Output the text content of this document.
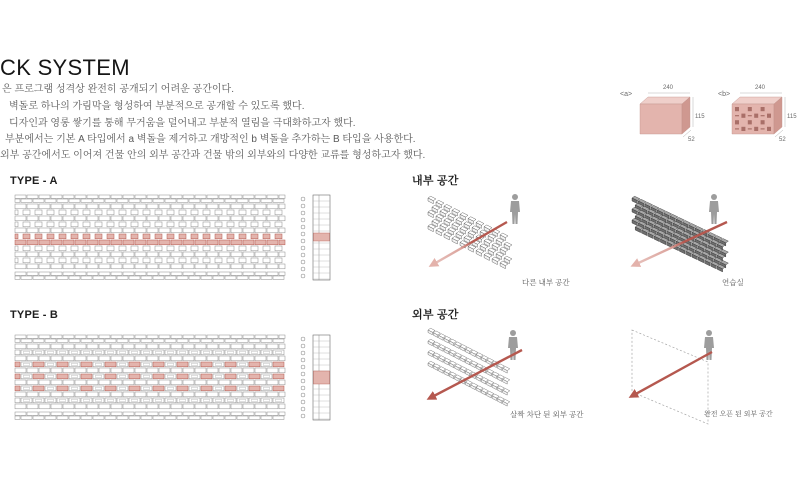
CK SYSTEM
은 프로그램 성격상 완전히 공개되기 어려운 공간이다.
벽돌로 하나의 가림막을 형성하여 부분적으로 공개할 수 있도록 했다.
디자인과 영롱 쌓기를 통해 무거움을 덜어내고 부분적 열림을 극대화하고자 했다.
부분에서는 기본 A 타입에서 a 벽돌을 제거하고 개방적인 b 벽돌을 추가하는 B 타입을 사용한다.
외부 공간에서도 이어져 건물 안의 외부 공간과 건물 밖의 외부와의 다양한 교류를 형성하고자 했다.
<a>
240
115
52
<b>
240
115
52
TYPE - A
TYPE - B
내부 공간
외부 공간
다른 내부 공간	연습실
살짝 차단 된 외부 공간	완전 오픈 된 외부 공간
